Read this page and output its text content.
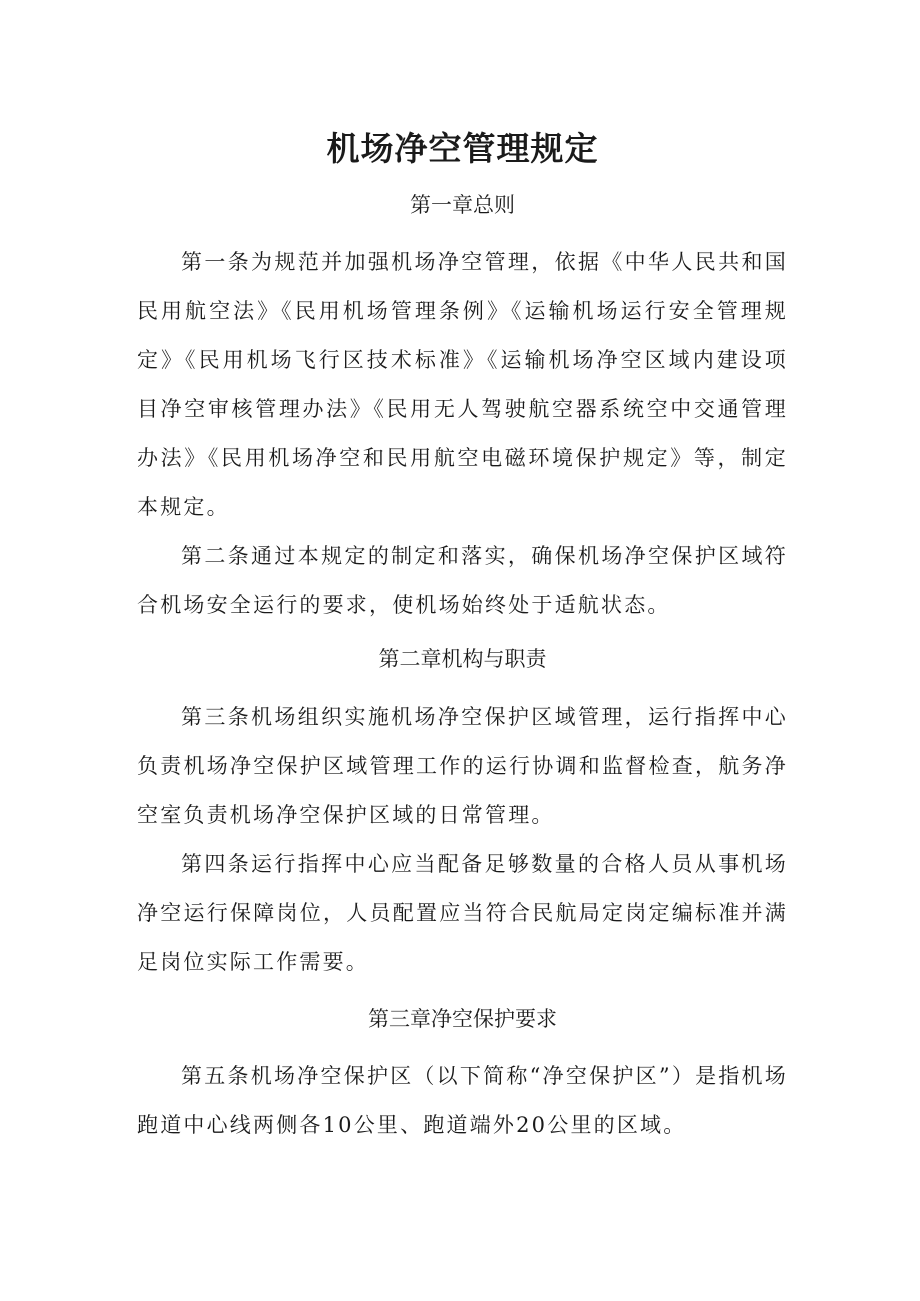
机场净空管理规定
第一章总则

第一条为规范并加强机场净空管理，依据《中华人民共和国民用航空法》《民用机场管理条例》《运输机场运行安全管理规定》《民用机场飞行区技术标准》《运输机场净空区域内建设项目净空审核管理办法》《民用无人驾驶航空器系统空中交通管理办法》《民用机场净空和民用航空电磁环境保护规定》等，制定本规定。

第二条通过本规定的制定和落实，确保机场净空保护区域符合机场安全运行的要求，使机场始终处于适航状态。

第二章机构与职责

第三条机场组织实施机场净空保护区域管理，运行指挥中心负责机场净空保护区域管理工作的运行协调和监督检查，航务净空室负责机场净空保护区域的日常管理。

第四条运行指挥中心应当配备足够数量的合格人员从事机场净空运行保障岗位，人员配置应当符合民航局定岗定编标准并满足岗位实际工作需要。

第三章净空保护要求

第五条机场净空保护区（以下简称“净空保护区”）是指机场跑道中心线两侧各10公里、跑道端外20公里的区域。
